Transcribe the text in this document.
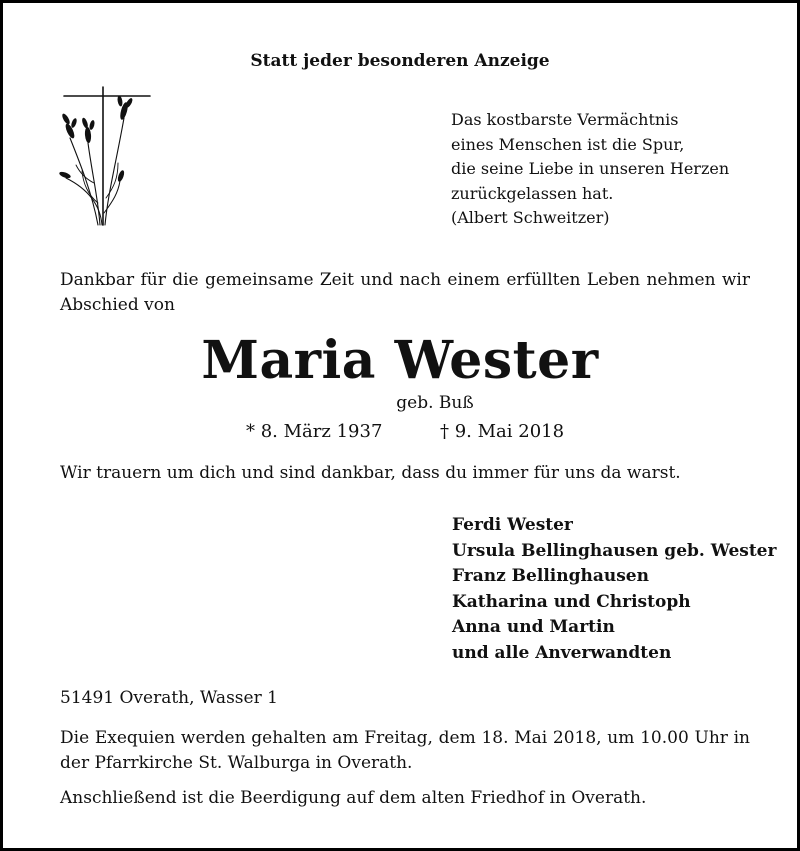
Statt jeder besonderen Anzeige

Das kostbarste Vermächtnis
eines Menschen ist die Spur,
die seine Liebe in unseren Herzen
zurückgelassen hat.

(Albert Schweitzer)

Dankbar für die gemeinsame Zeit und nach einem erfüllten Leben nehmen wir Abschied von

Maria Wester

geb. Buß

* 8. März 1937	† 9. Mai 2018

Wir trauern um dich und sind dankbar, dass du immer für uns da warst.

Ferdi Wester
Ursula Bellinghausen geb. Wester
Franz Bellinghausen
Katharina und Christoph
Anna und Martin
und alle Anverwandten

51491 Overath, Wasser 1

Die Exequien werden gehalten am Freitag, dem 18. Mai 2018, um 10.00 Uhr in der Pfarrkirche St. Walburga in Overath.

Anschließend ist die Beerdigung auf dem alten Friedhof in Overath.
